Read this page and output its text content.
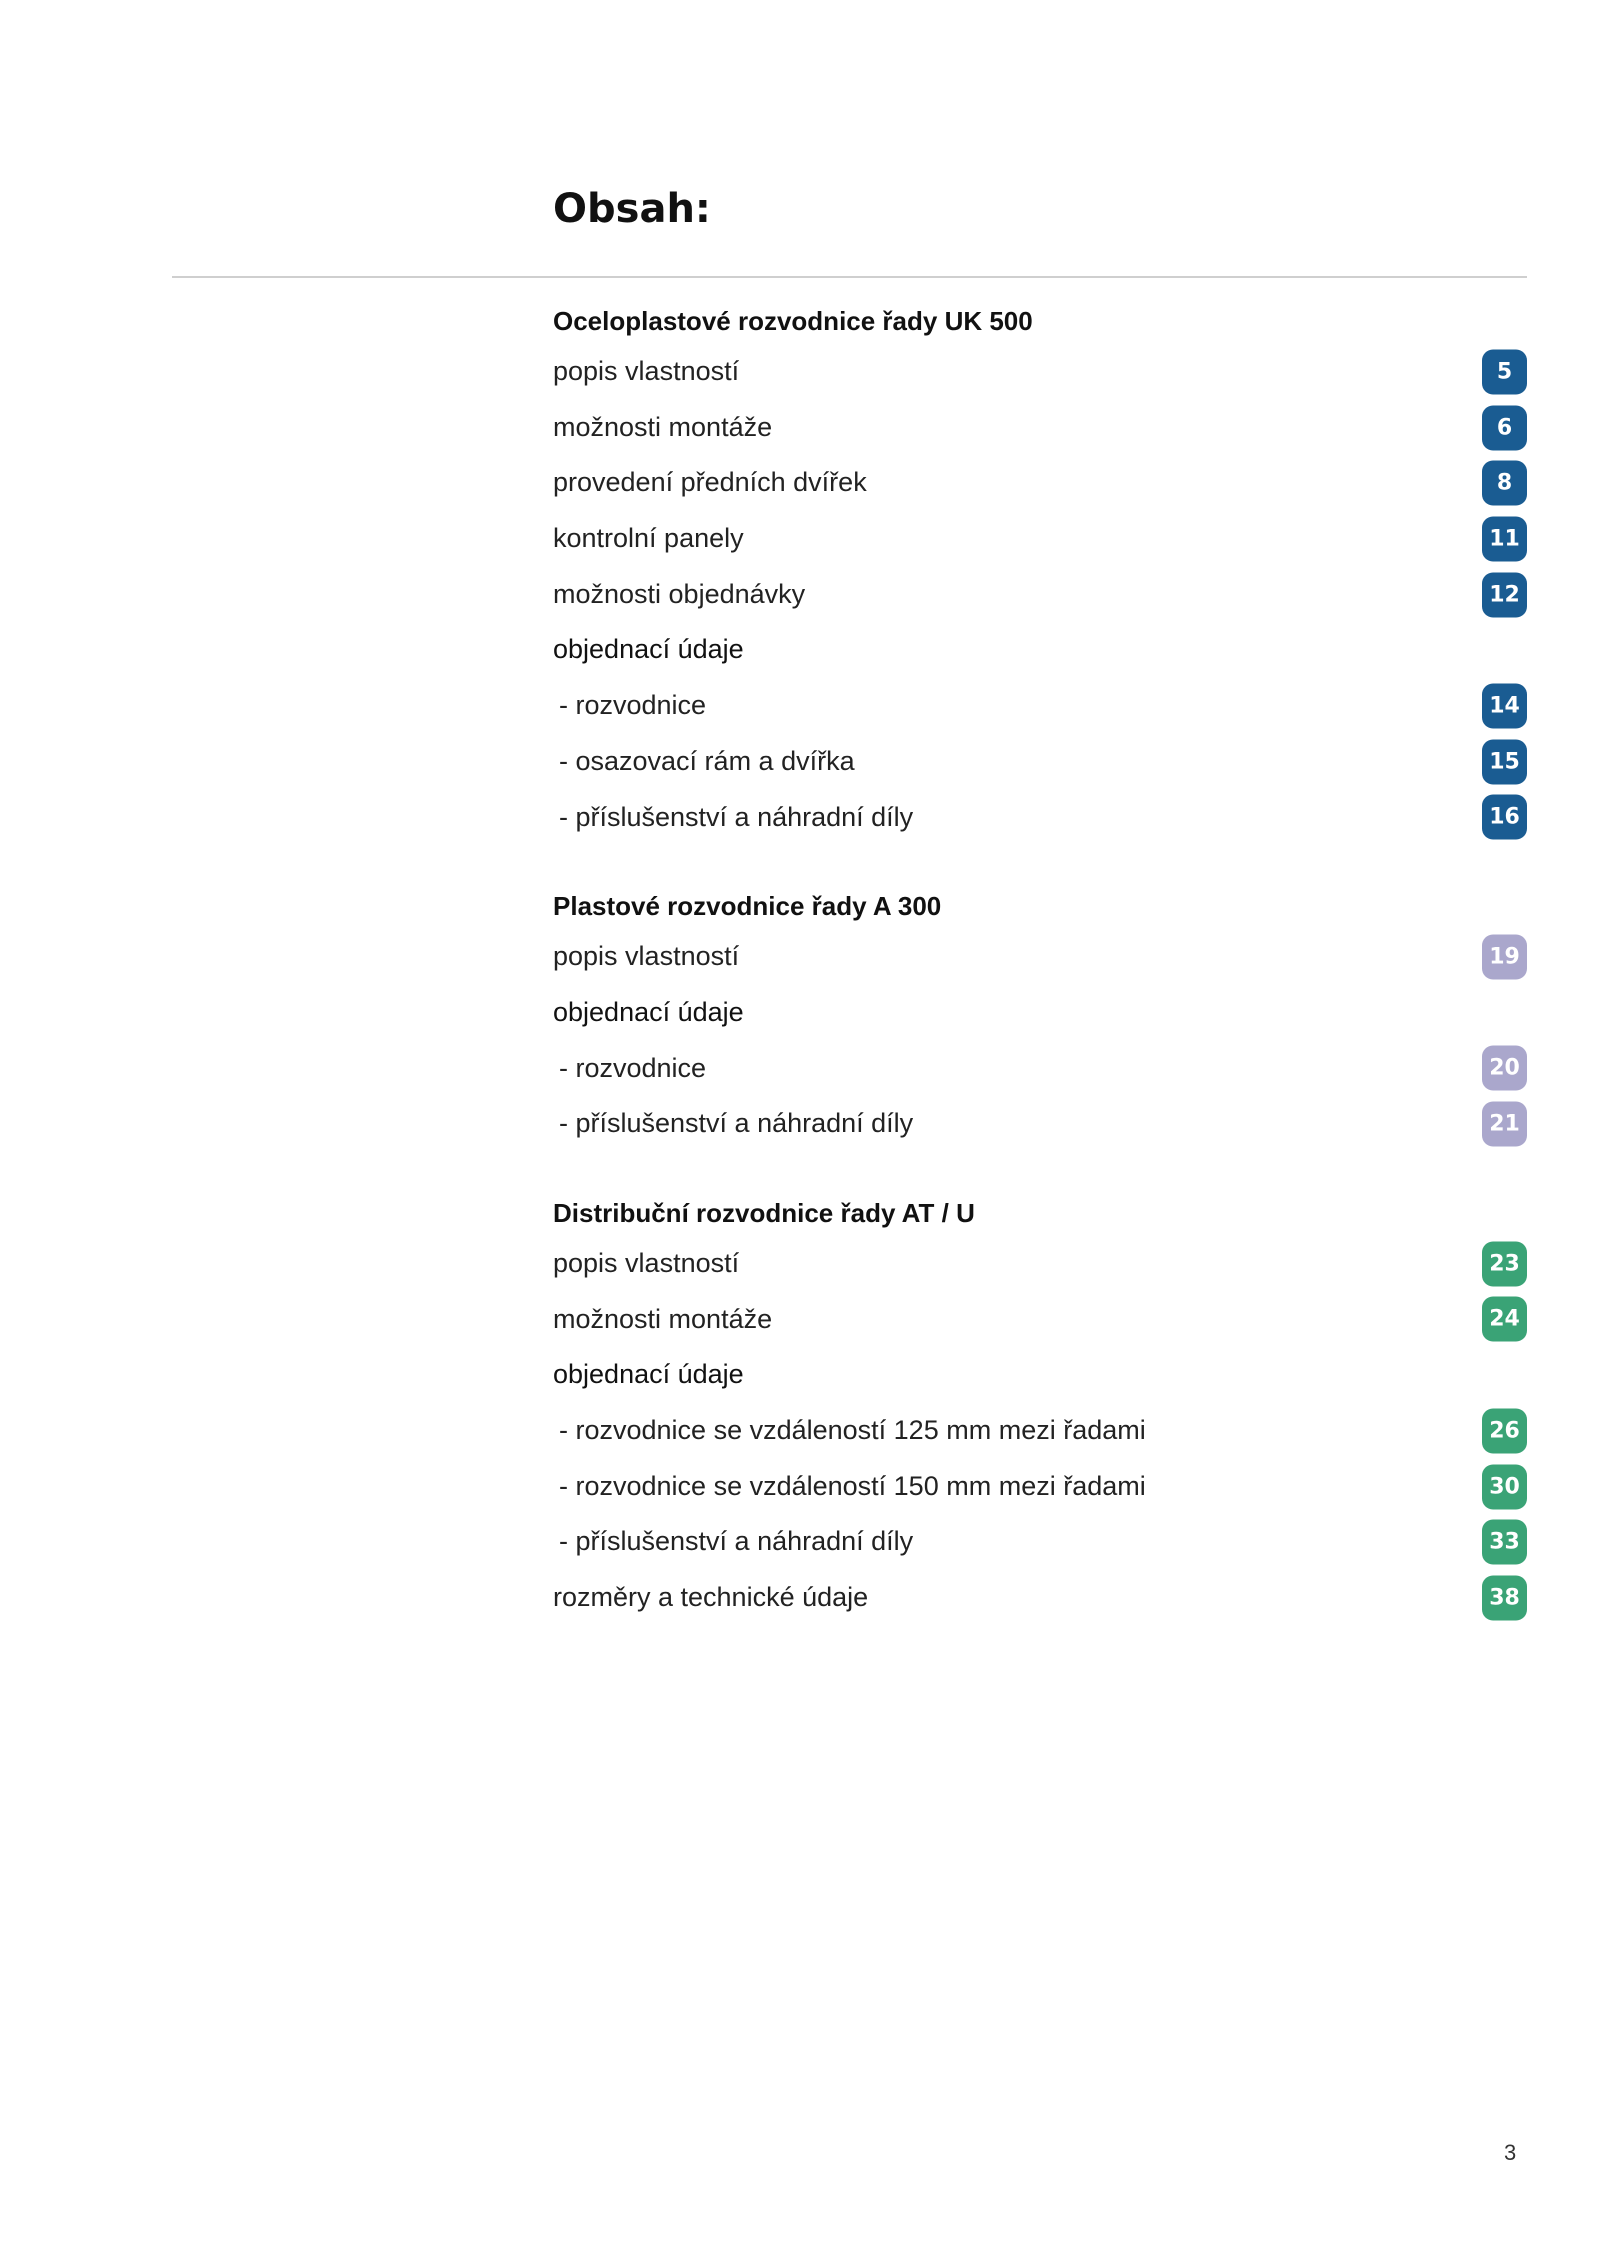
Obsah:
Oceloplastové rozvodnice řady UK 500
popis vlastností	5
možnosti montáže	6
provedení předních dvířek	8
kontrolní panely	11
možnosti objednávky	12
objednací údaje
- rozvodnice	14
- osazovací rám a dvířka	15
- příslušenství a náhradní díly	16
Plastové rozvodnice řady A 300
popis vlastností	19
objednací údaje
- rozvodnice	20
- příslušenství a náhradní díly	21
Distribuční rozvodnice řady AT / U
popis vlastností	23
možnosti montáže	24
objednací údaje
- rozvodnice se vzdáleností 125 mm mezi řadami	26
- rozvodnice se vzdáleností 150 mm mezi řadami	30
- příslušenství a náhradní díly	33
rozměry a technické údaje	38
3
